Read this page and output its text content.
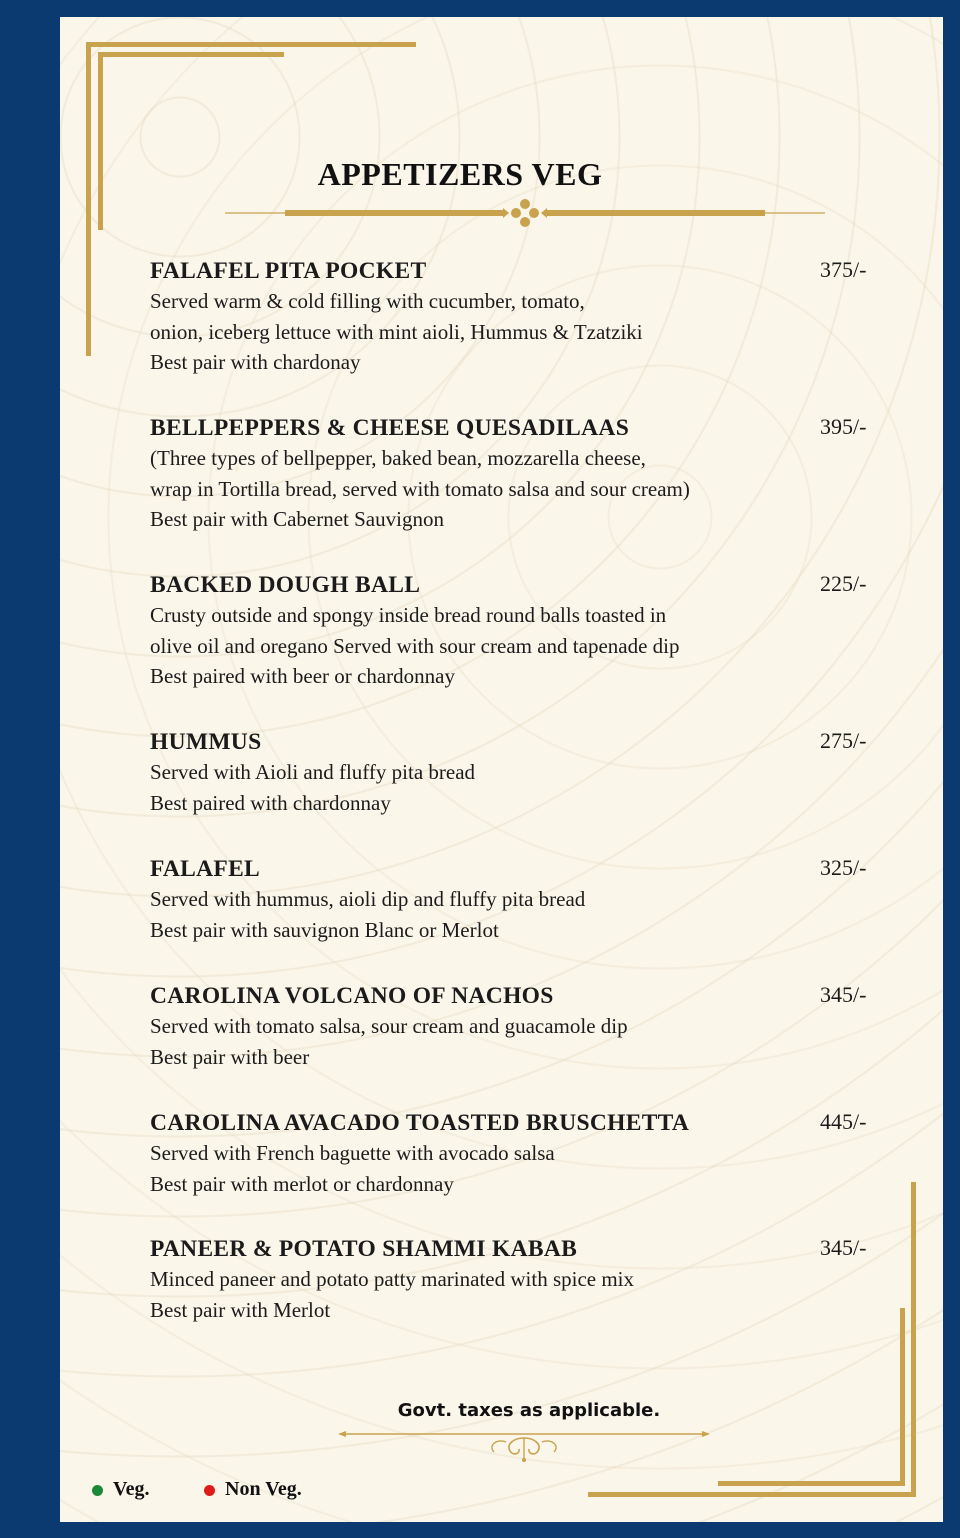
APPETIZERS VEG
FALAFEL PITA POCKET
Served warm & cold filling with cucumber, tomato,
onion, iceberg lettuce with mint aioli, Hummus & Tzatziki
Best pair with chardonay
375/-
BELLPEPPERS & CHEESE QUESADILAAS
(Three types of bellpepper, baked bean, mozzarella cheese,
wrap in Tortilla bread, served with tomato salsa and sour cream)
Best pair with Cabernet Sauvignon
395/-
BACKED DOUGH BALL
Crusty outside and spongy inside bread round balls toasted in
olive oil and oregano Served with sour cream and tapenade dip
Best paired with beer or chardonnay
225/-
HUMMUS
Served with Aioli and fluffy pita bread
Best paired with chardonnay
275/-
FALAFEL
Served with hummus, aioli dip and fluffy pita bread
Best pair with sauvignon Blanc or Merlot
325/-
CAROLINA VOLCANO OF NACHOS
Served with tomato salsa, sour cream and guacamole dip
Best pair with beer
345/-
CAROLINA AVACADO TOASTED BRUSCHETTA
Served with French baguette with avocado salsa
Best pair with merlot or chardonnay
445/-
PANEER & POTATO SHAMMI KABAB
Minced paneer and potato patty marinated with spice mix
Best pair with Merlot
345/-
Govt. taxes as applicable.
Veg.	Non Veg.
